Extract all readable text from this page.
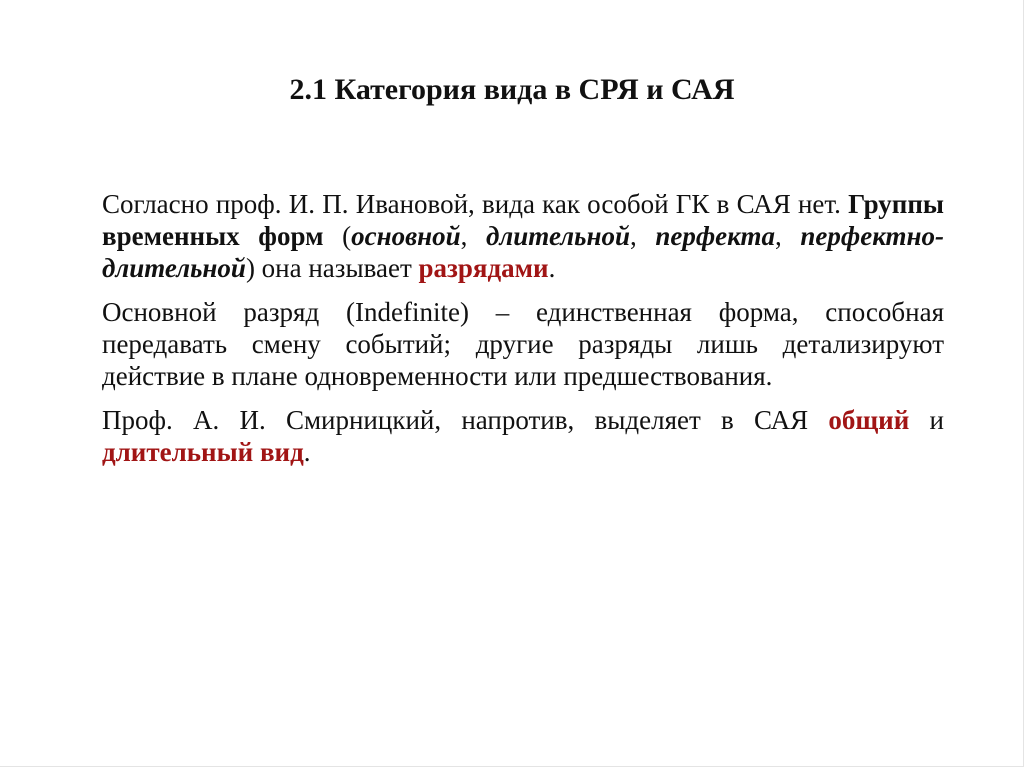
2.1 Категория вида в СРЯ и САЯ

Согласно проф. И. П. Ивановой, вида как особой ГК в САЯ нет. Группы временных форм (основной, длительной, перфекта, перфектно-длительной) она называет разрядами.

Основной разряд (Indefinite) – единственная форма, способная передавать смену событий; другие разряды лишь детализируют действие в плане одновременности или предшествования.

Проф. А. И. Смирницкий, напротив, выделяет в САЯ общий и длительный вид.
